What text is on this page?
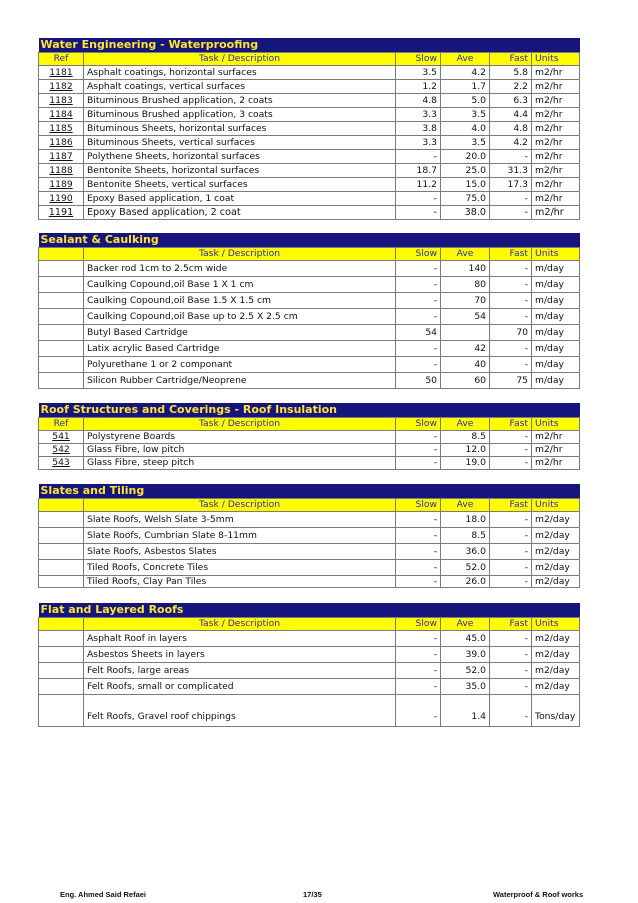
Water Engineering - Waterproofing					
Ref	Task / Description	Slow	Ave	Fast	Units
1181	Asphalt coatings, horizontal surfaces	3.5	4.2	5.8	m2/hr
1182	Asphalt coatings, vertical surfaces	1.2	1.7	2.2	m2/hr
1183	Bituminous Brushed application, 2 coats	4.8	5.0	6.3	m2/hr
1184	Bituminous Brushed application, 3 coats	3.3	3.5	4.4	m2/hr
1185	Bituminous Sheets, horizontal surfaces	3.8	4.0	4.8	m2/hr
1186	Bituminous Sheets, vertical surfaces	3.3	3.5	4.2	m2/hr
1187	Polythene Sheets, horizontal surfaces	-	20.0	-	m2/hr
1188	Bentonite Sheets, horizontal surfaces	18.7	25.0	31.3	m2/hr
1189	Bentonite Sheets, vertical surfaces	11.2	15.0	17.3	m2/hr
1190	Epoxy Based application, 1 coat	-	75.0	-	m2/hr
1191	Epoxy Based application, 2 coat	-	38.0	-	m2/hr
Sealant & Caulking					
	Task / Description	Slow	Ave	Fast	Units
	Backer rod 1cm to 2.5cm wide	-	140	-	m/day
	Caulking Copound,oil Base 1 X 1 cm	-	80	-	m/day
	Caulking Copound,oil Base 1.5 X 1.5 cm	-	70	-	m/day
	Caulking Copound,oil Base up to 2.5 X 2.5 cm	-	54	-	m/day
	Butyl Based Cartridge	54		70	m/day
	Latix acrylic Based Cartridge	-	42	-	m/day
	Polyurethane 1 or 2 componant	-	40	-	m/day
	Silicon Rubber Cartridge/Neoprene	50	60	75	m/day
Roof Structures and Coverings - Roof Insulation					
Ref	Task / Description	Slow	Ave	Fast	Units
541	Polystyrene Boards	-	8.5	-	m2/hr
542	Glass Fibre, low pitch	-	12.0	-	m2/hr
543	Glass Fibre, steep pitch	-	19.0	-	m2/hr
Slates and Tiling					
	Task / Description	Slow	Ave	Fast	Units
	Slate Roofs, Welsh Slate 3-5mm	-	18.0	-	m2/day
	Slate Roofs, Cumbrian Slate 8-11mm	-	8.5	-	m2/day
	Slate Roofs, Asbestos Slates	-	36.0	-	m2/day
	Tiled Roofs, Concrete Tiles	-	52.0	-	m2/day
	Tiled Roofs, Clay Pan Tiles	-	26.0	-	m2/day
Flat and Layered Roofs					
	Task / Description	Slow	Ave	Fast	Units
	Asphalt Roof in layers	-	45.0	-	m2/day
	Asbestos Sheets in layers	-	39.0	-	m2/day
	Felt Roofs, large areas	-	52.0	-	m2/day
	Felt Roofs, small or complicated	-	35.0	-	m2/day
	Felt Roofs, Gravel roof chippings	-	1.4	-	Tons/day
Eng. Ahmed Said Refaei	17/35	Waterproof & Roof works
